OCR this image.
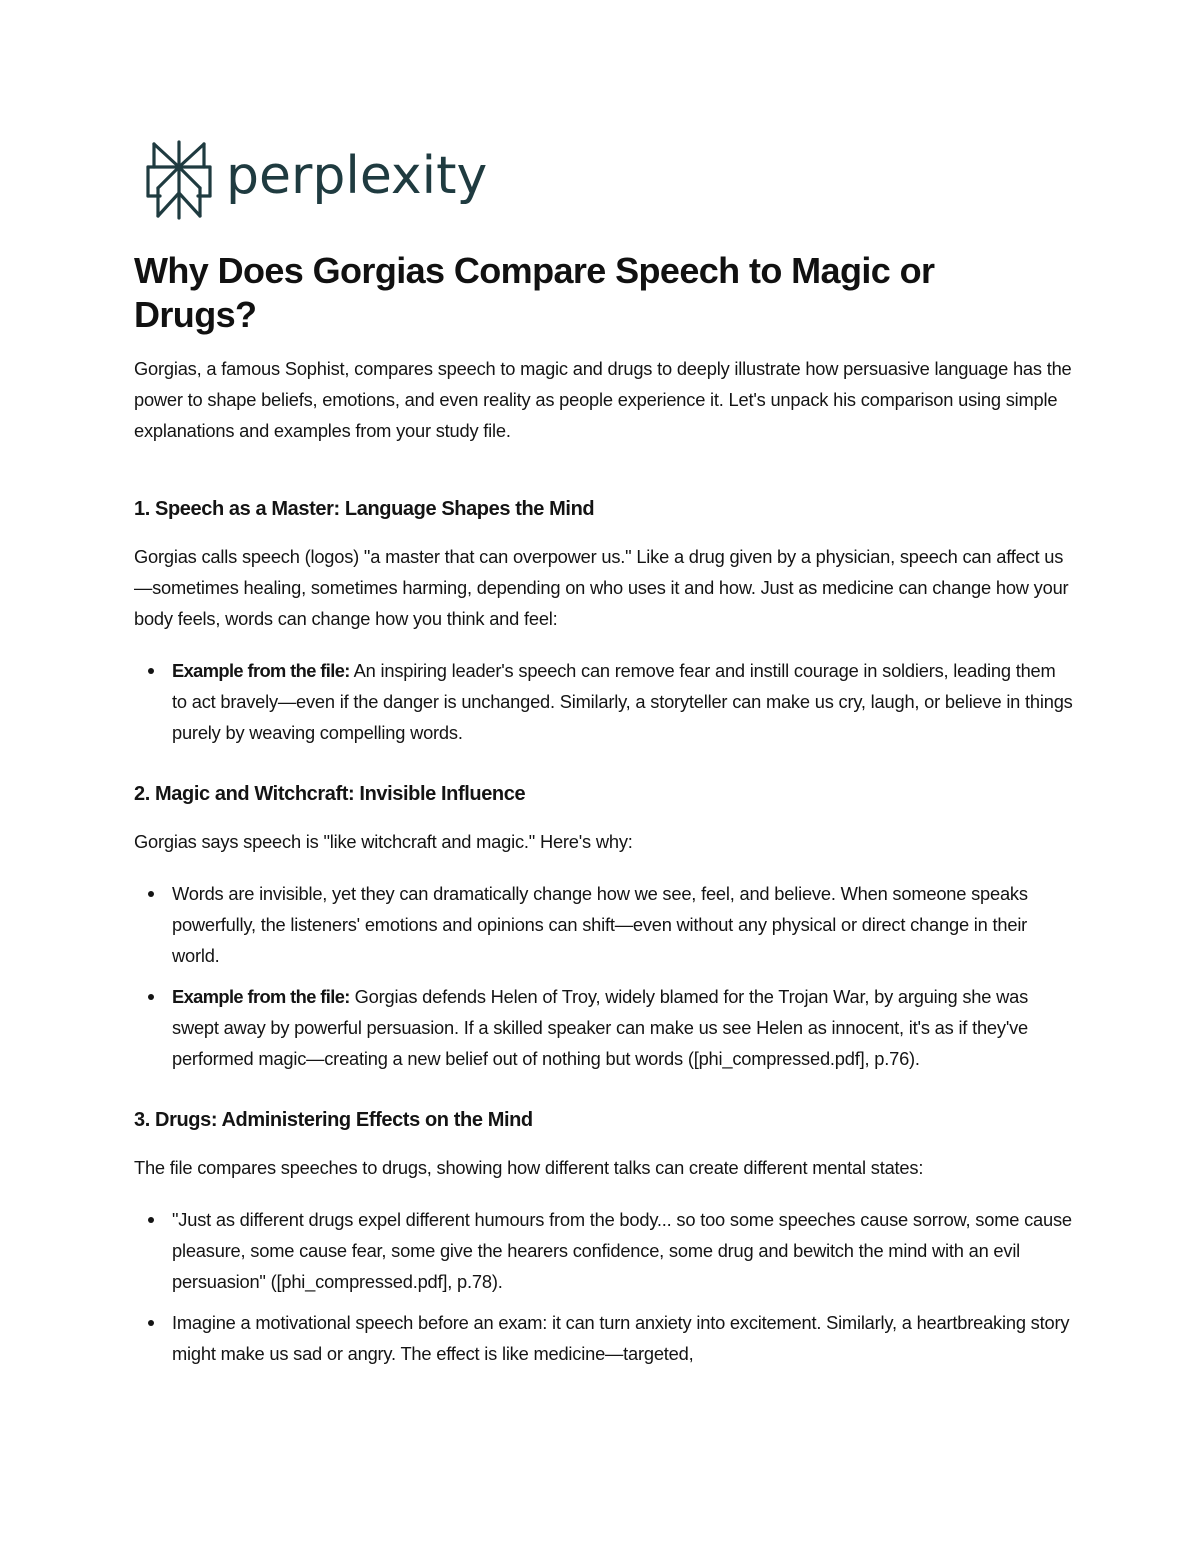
perplexity
Why Does Gorgias Compare Speech to Magic or Drugs?

Gorgias, a famous Sophist, compares speech to magic and drugs to deeply illustrate how persuasive language has the power to shape beliefs, emotions, and even reality as people experience it. Let's unpack his comparison using simple explanations and examples from your study file.

1. Speech as a Master: Language Shapes the Mind

Gorgias calls speech (logos) "a master that can overpower us." Like a drug given by a physician, speech can affect us—sometimes healing, sometimes harming, depending on who uses it and how. Just as medicine can change how your body feels, words can change how you think and feel:

Example from the file: An inspiring leader's speech can remove fear and instill courage in soldiers, leading them to act bravely—even if the danger is unchanged. Similarly, a storyteller can make us cry, laugh, or believe in things purely by weaving compelling words.
2. Magic and Witchcraft: Invisible Influence

Gorgias says speech is "like witchcraft and magic." Here's why:

Words are invisible, yet they can dramatically change how we see, feel, and believe. When someone speaks powerfully, the listeners' emotions and opinions can shift—even without any physical or direct change in their world.
Example from the file: Gorgias defends Helen of Troy, widely blamed for the Trojan War, by arguing she was swept away by powerful persuasion. If a skilled speaker can make us see Helen as innocent, it's as if they've performed magic—creating a new belief out of nothing but words ([phi_compressed.pdf], p.76).
3. Drugs: Administering Effects on the Mind

The file compares speeches to drugs, showing how different talks can create different mental states:

"Just as different drugs expel different humours from the body... so too some speeches cause sorrow, some cause pleasure, some cause fear, some give the hearers confidence, some drug and bewitch the mind with an evil persuasion" ([phi_compressed.pdf], p.78).
Imagine a motivational speech before an exam: it can turn anxiety into excitement. Similarly, a heartbreaking story might make us sad or angry. The effect is like medicine—targeted,
